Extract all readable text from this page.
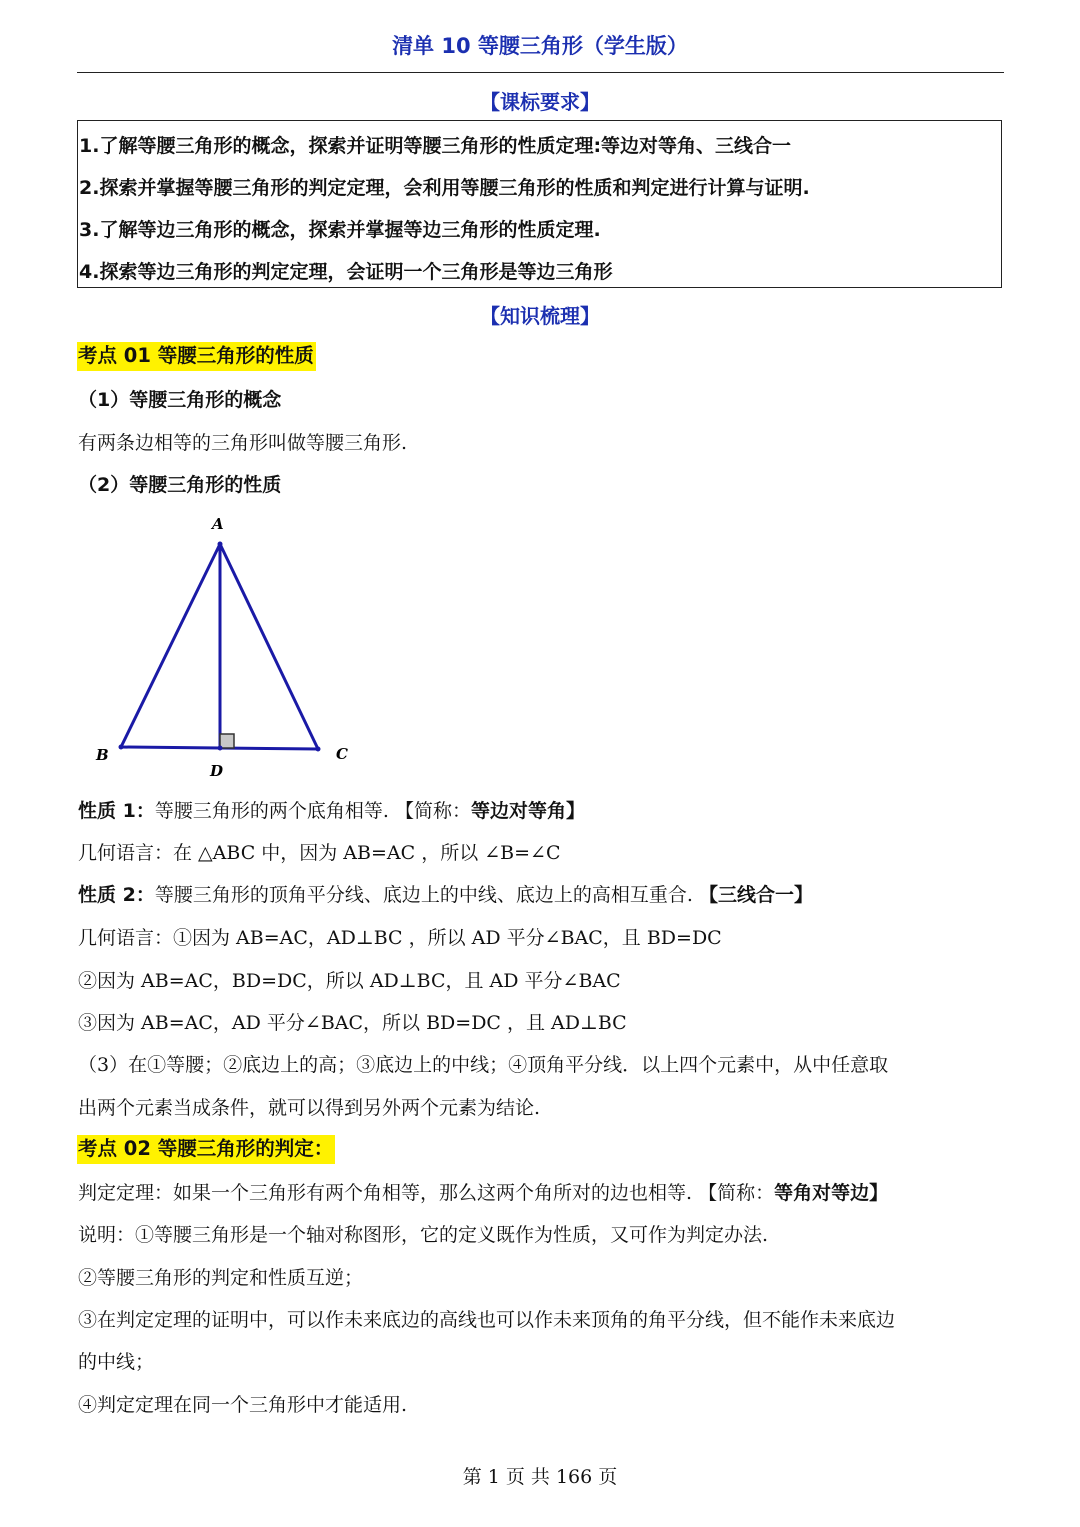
清单 10 等腰三角形（学生版）
【课标要求】
1.了解等腰三角形的概念，探索并证明等腰三角形的性质定理:等边对等角、三线合一
2.探索并掌握等腰三角形的判定定理，会利用等腰三角形的性质和判定进行计算与证明.
3.了解等边三角形的概念，探索并掌握等边三角形的性质定理.
4.探索等边三角形的判定定理，会证明一个三角形是等边三角形
【知识梳理】
考点 01 等腰三角形的性质
（1）等腰三角形的概念
有两条边相等的三角形叫做等腰三角形.
（2）等腰三角形的性质
A
B	C
D
性质 1：等腰三角形的两个底角相等. 【简称：等边对等角】
几何语言：在 △ABC 中，因为 AB=AC ，所以 ∠B=∠C
性质 2：等腰三角形的顶角平分线、底边上的中线、底边上的高相互重合. 【三线合一】
几何语言：①因为 AB=AC，AD⊥BC ，所以 AD 平分∠BAC，且 BD=DC
②因为 AB=AC，BD=DC，所以 AD⊥BC，且 AD 平分∠BAC
③因为 AB=AC，AD 平分∠BAC，所以 BD=DC ，且 AD⊥BC
（3）在①等腰；②底边上的高；③底边上的中线；④顶角平分线．以上四个元素中，从中任意取
出两个元素当成条件，就可以得到另外两个元素为结论.
考点 02 等腰三角形的判定：
判定定理：如果一个三角形有两个角相等，那么这两个角所对的边也相等. 【简称：等角对等边】
说明：①等腰三角形是一个轴对称图形，它的定义既作为性质，又可作为判定办法.
②等腰三角形的判定和性质互逆；
③在判定定理的证明中，可以作未来底边的高线也可以作未来顶角的角平分线，但不能作未来底边
的中线；
④判定定理在同一个三角形中才能适用.
第 1 页 共 166 页
